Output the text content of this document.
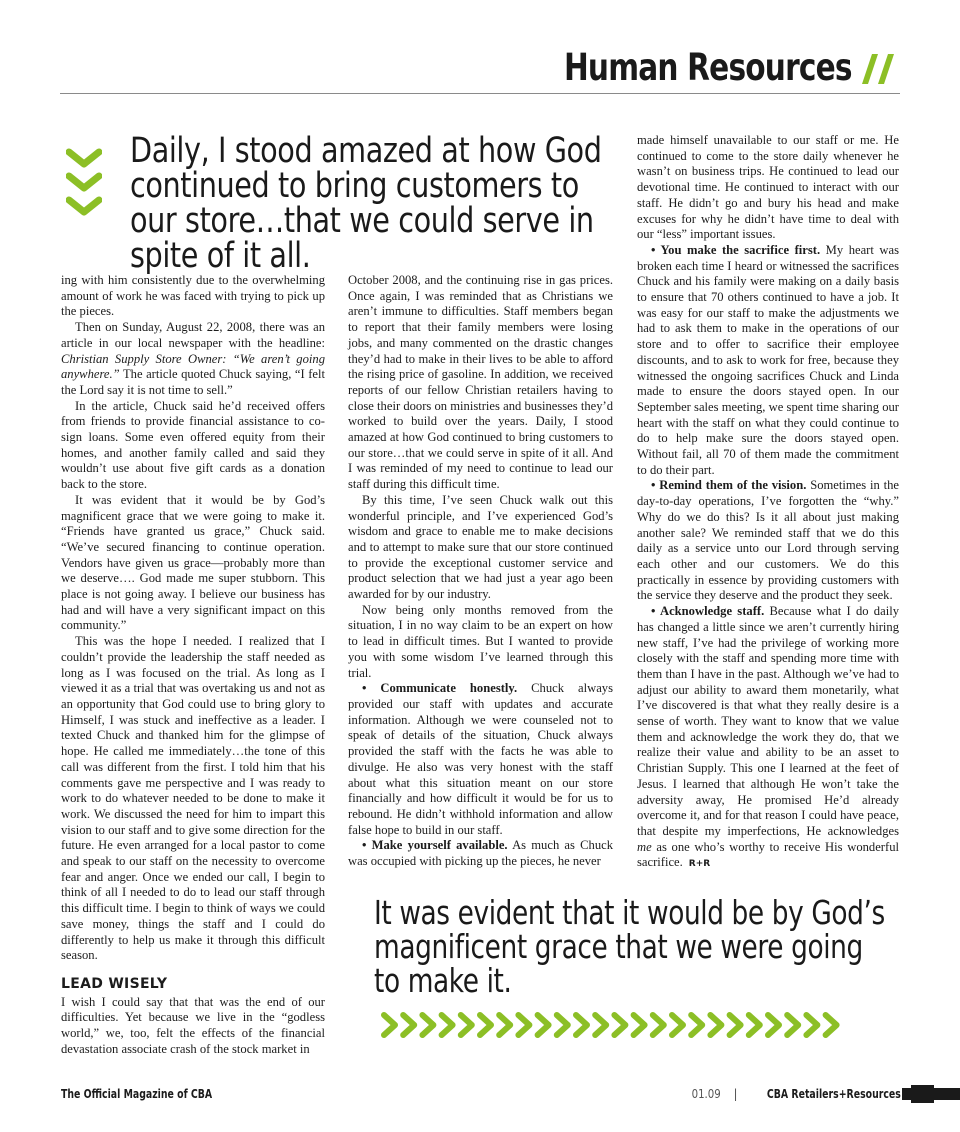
Human Resources
Daily, I stood amazed at how God continued to bring customers to our store…that we could serve in spite of it all.

ing with him consistently due to the overwhelming amount of work he was faced with trying to pick up the pieces.

Then on Sunday, August 22, 2008, there was an article in our local newspaper with the headline: Christian Supply Store Owner: “We aren’t going anywhere.” The article quoted Chuck saying, “I felt the Lord say it is not time to sell.”

In the article, Chuck said he’d received offers from friends to provide financial assistance to co-sign loans. Some even offered equity from their homes, and another family called and said they wouldn’t use about five gift cards as a donation back to the store.

It was evident that it would be by God’s magnificent grace that we were going to make it. “Friends have granted us grace,” Chuck said. “We’ve secured financing to continue operation. Vendors have given us grace—probably more than we deserve…. God made me super stubborn. This place is not going away. I believe our business has had and will have a very significant impact on this community.”

This was the hope I needed. I realized that I couldn’t provide the leadership the staff needed as long as I was focused on the trial. As long as I viewed it as a trial that was overtaking us and not as an opportunity that God could use to bring glory to Himself, I was stuck and ineffective as a leader. I texted Chuck and thanked him for the glimpse of hope. He called me immediately…the tone of this call was different from the first. I told him that his comments gave me perspective and I was ready to work to do whatever needed to be done to make it work. We discussed the need for him to impart this vision to our staff and to give some direction for the future. He even arranged for a local pastor to come and speak to our staff on the necessity to overcome fear and anger. Once we ended our call, I begin to think of all I needed to do to lead our staff through this difficult time. I begin to think of ways we could save money, things the staff and I could do differently to help us make it through this difficult season.

LEAD WISELY

I wish I could say that that was the end of our difficulties. Yet because we live in the “godless world,” we, too, felt the effects of the financial devastation associate crash of the stock market in

October 2008, and the continuing rise in gas prices. Once again, I was reminded that as Christians we aren’t immune to difficulties. Staff members began to report that their family members were losing jobs, and many commented on the drastic changes they’d had to make in their lives to be able to afford the rising price of gasoline. In addition, we received reports of our fellow Christian retailers having to close their doors on ministries and businesses they’d worked to build over the years. Daily, I stood amazed at how God continued to bring customers to our store…that we could serve in spite of it all. And I was reminded of my need to continue to lead our staff during this difficult time.

By this time, I’ve seen Chuck walk out this wonderful principle, and I’ve experienced God’s wisdom and grace to enable me to make decisions and to attempt to make sure that our store continued to provide the exceptional customer service and product selection that we had just a year ago been awarded for by our industry.

Now being only months removed from the situation, I in no way claim to be an expert on how to lead in difficult times. But I wanted to provide you with some wisdom I’ve learned through this trial.

• Communicate honestly. Chuck always provided our staff with updates and accurate information. Although we were counseled not to speak of details of the situation, Chuck always provided the staff with the facts he was able to divulge. He also was very honest with the staff about what this situation meant on our store financially and how difficult it would be for us to rebound. He didn’t withhold information and allow false hope to build in our staff.

• Make yourself available. As much as Chuck was occupied with picking up the pieces, he never

made himself unavailable to our staff or me. He continued to come to the store daily whenever he wasn’t on business trips. He continued to lead our devotional time. He continued to interact with our staff. He didn’t go and bury his head and make excuses for why he didn’t have time to deal with our “less” important issues.

• You make the sacrifice first. My heart was broken each time I heard or witnessed the sacrifices Chuck and his family were making on a daily basis to ensure that 70 others continued to have a job. It was easy for our staff to make the adjustments we had to ask them to make in the operations of our store and to offer to sacrifice their employee discounts, and to ask to work for free, because they witnessed the ongoing sacrifices Chuck and Linda made to ensure the doors stayed open. In our September sales meeting, we spent time sharing our heart with the staff on what they could continue to do to help make sure the doors stayed open. Without fail, all 70 of them made the commitment to do their part.

• Remind them of the vision. Sometimes in the day-to-day operations, I’ve forgotten the “why.” Why do we do this? Is it all about just making another sale? We reminded staff that we do this daily as a service unto our Lord through serving each other and our customers. We do this practically in essence by providing customers with the service they deserve and the product they seek.

• Acknowledge staff. Because what I do daily has changed a little since we aren’t currently hiring new staff, I’ve had the privilege of working more closely with the staff and spending more time with them than I have in the past. Although we’ve had to adjust our ability to award them monetarily, what I’ve discovered is that what they really desire is a sense of worth. They want to know that we value them and acknowledge the work they do, that we realize their value and ability to be an asset to Christian Supply. This one I learned at the feet of Jesus. I learned that although He won’t take the adversity away, He promised He’d already overcome it, and for that reason I could have peace, that despite my imperfections, He acknowledges me as one who’s worthy to receive His wonderful sacrifice. R+R

It was evident that it would be by God’s magnificent grace that we were going to make it.
The Official Magazine of CBA	01.09 | CBA Retailers+Resources
